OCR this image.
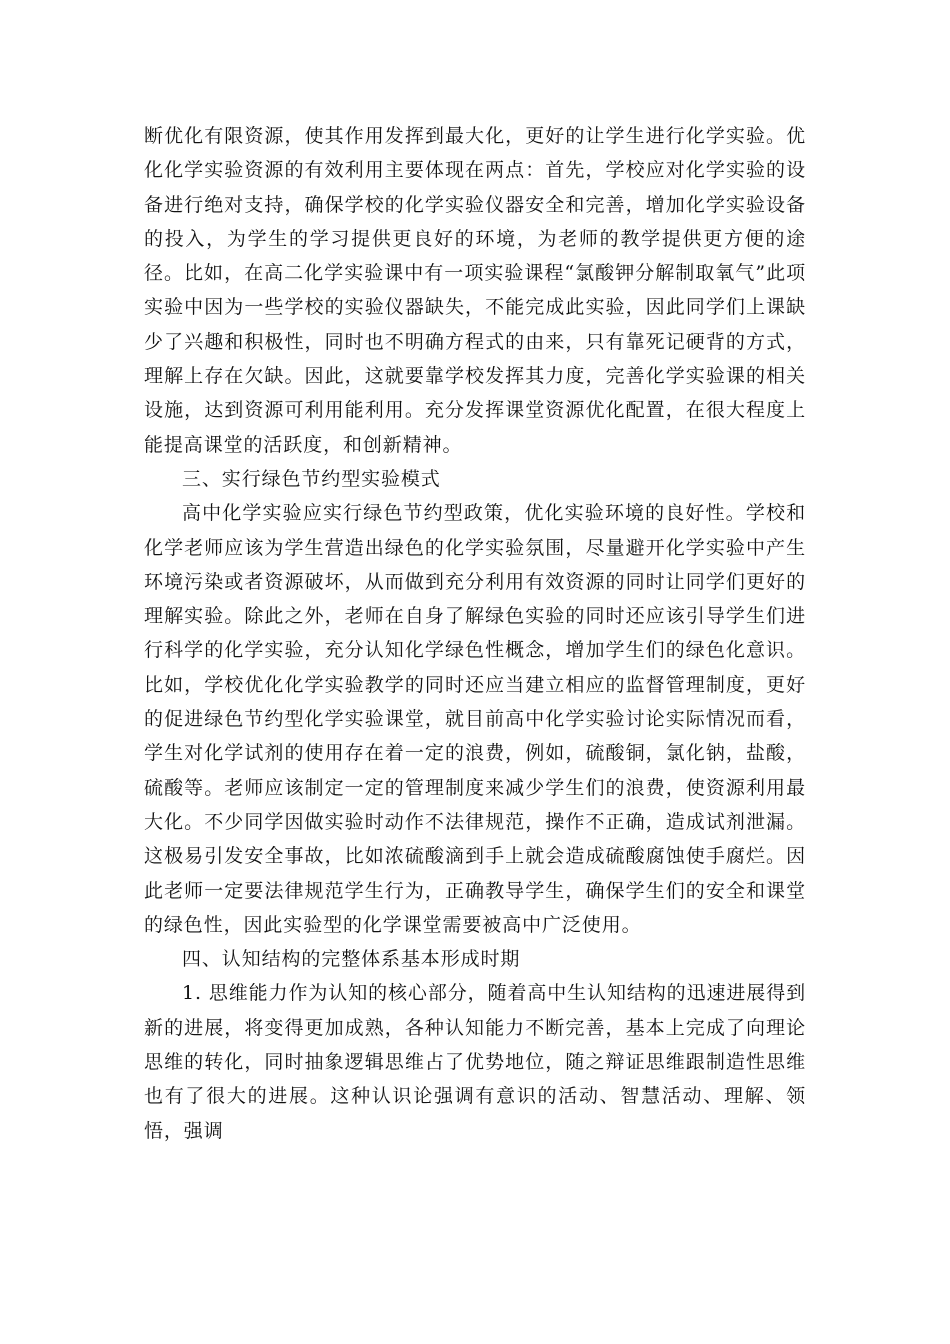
断优化有限资源，使其作用发挥到最大化，更好的让学生进行化学实验。优化化学实验资源的有效利用主要体现在两点：首先，学校应对化学实验的设备进行绝对支持，确保学校的化学实验仪器安全和完善，增加化学实验设备的投入，为学生的学习提供更良好的环境，为老师的教学提供更方便的途径。比如，在高二化学实验课中有一项实验课程“氯酸钾分解制取氧气”此项实验中因为一些学校的实验仪器缺失，不能完成此实验，因此同学们上课缺少了兴趣和积极性，同时也不明确方程式的由来，只有靠死记硬背的方式，理解上存在欠缺。因此，这就要靠学校发挥其力度，完善化学实验课的相关设施，达到资源可利用能利用。充分发挥课堂资源优化配置，在很大程度上能提高课堂的活跃度，和创新精神。

三、实行绿色节约型实验模式

高中化学实验应实行绿色节约型政策，优化实验环境的良好性。学校和化学老师应该为学生营造出绿色的化学实验氛围，尽量避开化学实验中产生环境污染或者资源破坏，从而做到充分利用有效资源的同时让同学们更好的理解实验。除此之外，老师在自身了解绿色实验的同时还应该引导学生们进行科学的化学实验，充分认知化学绿色性概念，增加学生们的绿色化意识。比如，学校优化化学实验教学的同时还应当建立相应的监督管理制度，更好的促进绿色节约型化学实验课堂，就目前高中化学实验讨论实际情况而看，学生对化学试剂的使用存在着一定的浪费，例如，硫酸铜，氯化钠，盐酸，硫酸等。老师应该制定一定的管理制度来减少学生们的浪费，使资源利用最大化。不少同学因做实验时动作不法律规范，操作不正确，造成试剂泄漏。这极易引发安全事故，比如浓硫酸滴到手上就会造成硫酸腐蚀使手腐烂。因此老师一定要法律规范学生行为，正确教导学生，确保学生们的安全和课堂的绿色性，因此实验型的化学课堂需要被高中广泛使用。

四、认知结构的完整体系基本形成时期

1. 思维能力作为认知的核心部分，随着高中生认知结构的迅速进展得到新的进展，将变得更加成熟，各种认知能力不断完善，基本上完成了向理论思维的转化，同时抽象逻辑思维占了优势地位，随之辩证思维跟制造性思维也有了很大的进展。这种认识论强调有意识的活动、智慧活动、理解、领悟，强调
